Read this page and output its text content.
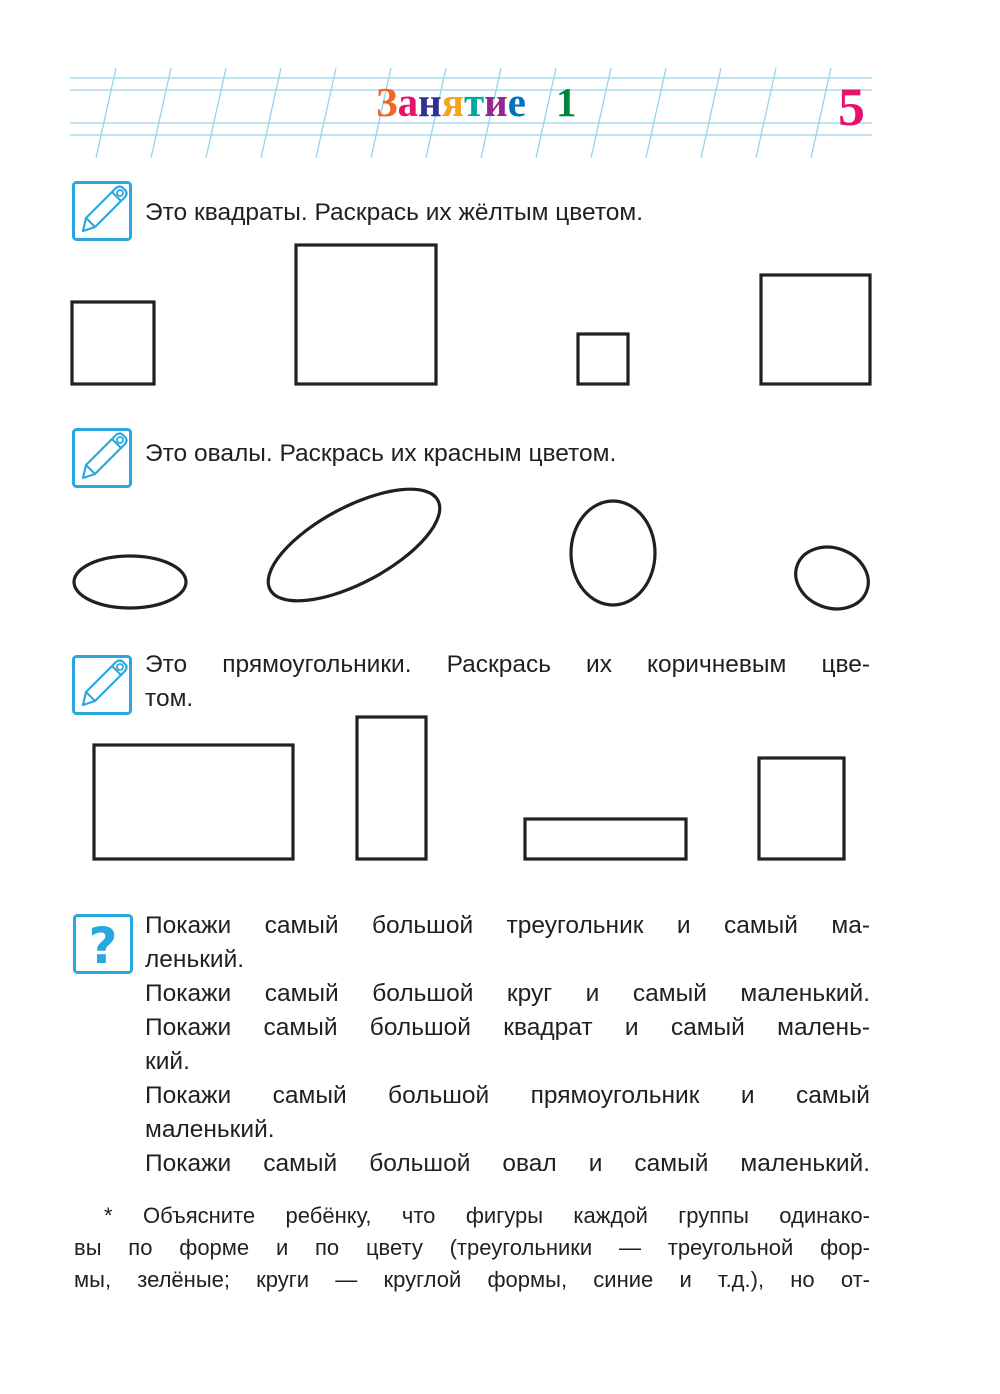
Занятие 1	5
Это квадраты. Раскрась их жёлтым цветом.
Это овалы. Раскрась их красным цветом.
Это прямоугольники. Раскрась их коричневым цве-
том.
? Покажи самый большой треугольник и самый ма-
ленький.
Покажи самый большой круг и самый маленький.
Покажи самый большой квадрат и самый малень-
кий.
Покажи самый большой прямоугольник и самый
маленький.
Покажи самый большой овал и самый маленький.
* Объясните ребёнку, что фигуры каждой группы одинако-
вы по форме и по цвету (треугольники — треугольной фор-
мы, зелёные; круги — круглой формы, синие и т.д.), но от-
